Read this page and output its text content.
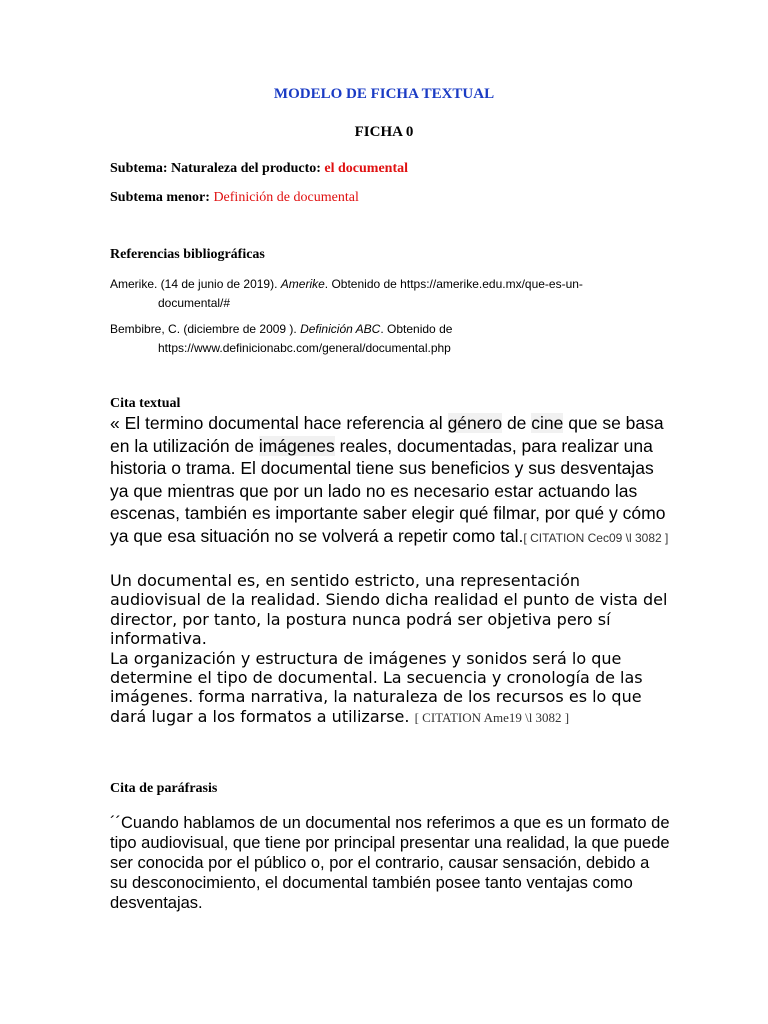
MODELO DE FICHA TEXTUAL
FICHA 0
Subtema: Naturaleza del producto: el documental
Subtema menor: Definición de documental
Referencias bibliográficas
Amerike. (14 de junio de 2019). Amerike. Obtenido de https://amerike.edu.mx/que-es-un-
documental/#
Bembibre, C. (diciembre de 2009 ). Definición ABC. Obtenido de
https://www.definicionabc.com/general/documental.php
Cita textual
« El termino documental hace referencia al género de cine que se basa en la utilización de imágenes reales, documentadas, para realizar una historia o trama. El documental tiene sus beneficios y sus desventajas ya que mientras que por un lado no es necesario estar actuando las escenas, también es importante saber elegir qué filmar, por qué y cómo ya que esa situación no se volverá a repetir como tal.[ CITATION Cec09 \l 3082 ]
Un documental es, en sentido estricto, una representación audiovisual de la realidad. Siendo dicha realidad el punto de vista del director, por tanto, la postura nunca podrá ser objetiva pero sí informativa.
La organización y estructura de imágenes y sonidos será lo que determine el tipo de documental. La secuencia y cronología de las imágenes. forma narrativa, la naturaleza de los recursos es lo que dará lugar a los formatos a utilizarse. [ CITATION Ame19 \l 3082 ]
Cita de paráfrasis
´´Cuando hablamos de un documental nos referimos a que es un formato de tipo audiovisual, que tiene por principal presentar una realidad, la que puede ser conocida por el público o, por el contrario, causar sensación, debido a su desconocimiento, el documental también posee tanto ventajas como desventajas.
